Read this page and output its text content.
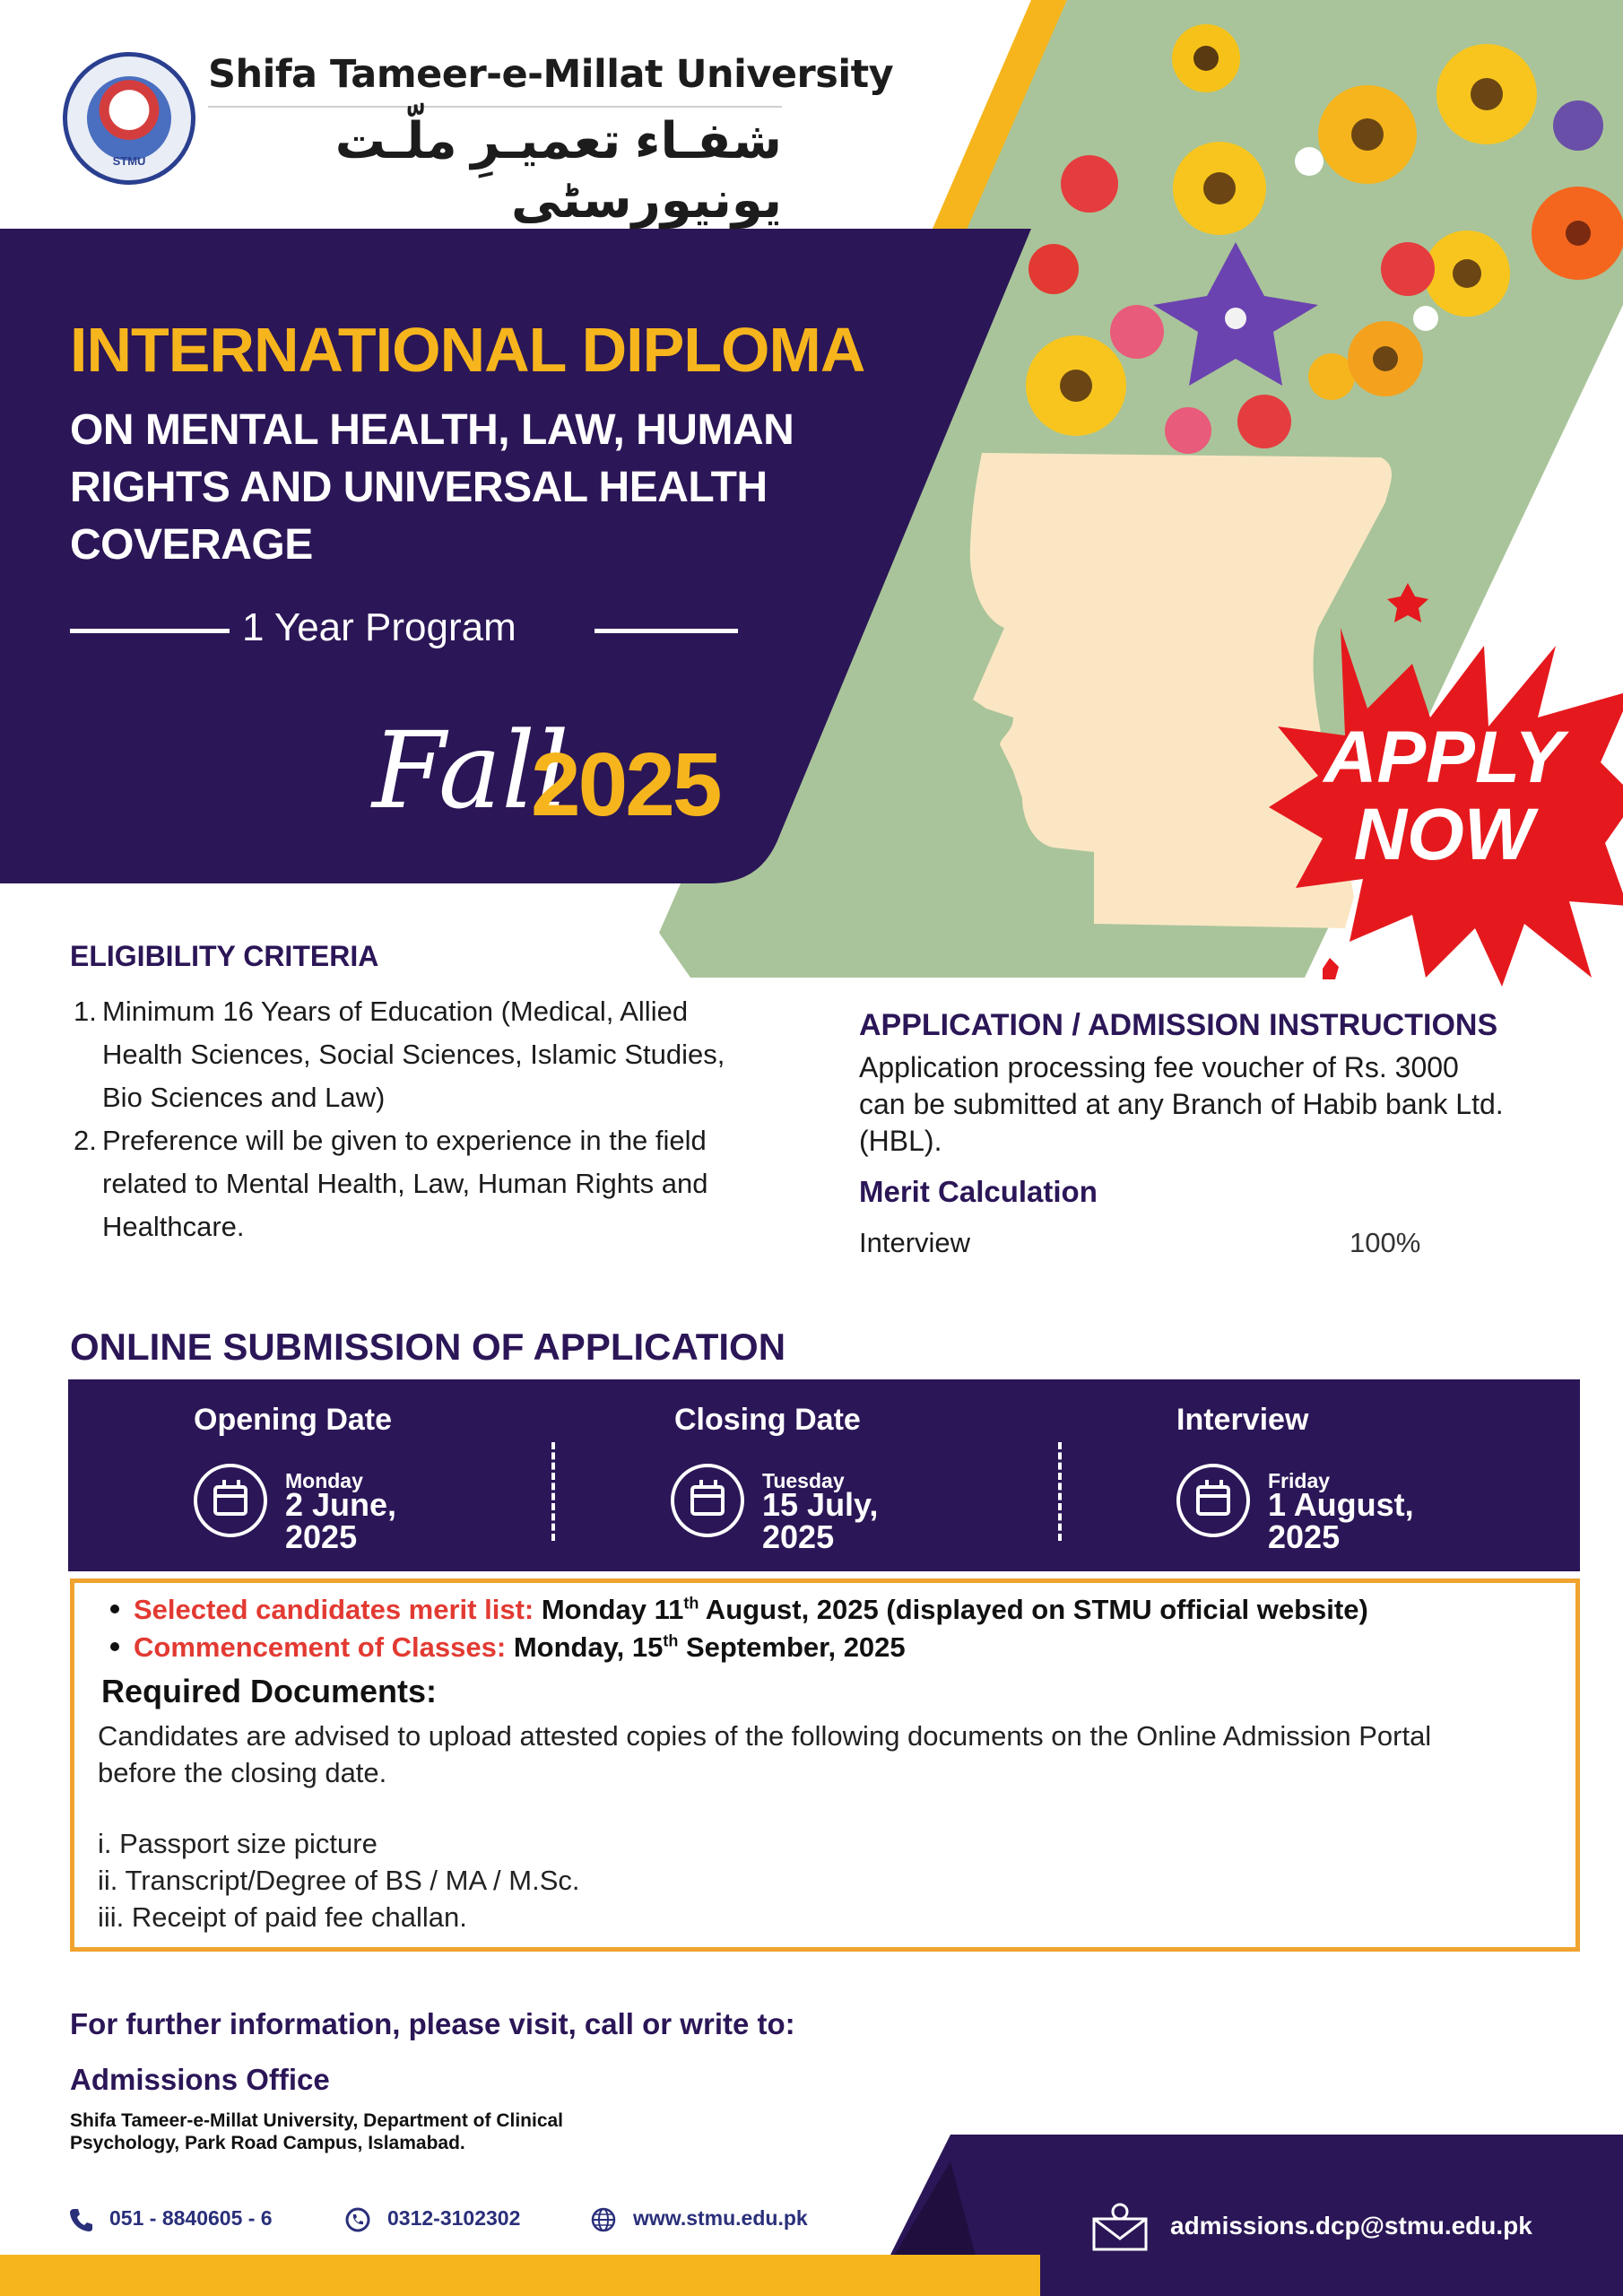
STMU
Shifa Tameer-e-Millat University
شفـاء تعمیـرِ ملّـت یونیورسٹی
INTERNATIONAL DIPLOMA
ON MENTAL HEALTH, LAW, HUMAN RIGHTS AND UNIVERSAL HEALTH COVERAGE
1 Year Program
Fall
2025	APPLY
NOW
ELIGIBILITY CRITERIA
1. Minimum 16 Years of Education (Medical, Allied Health Sciences, Social Sciences, Islamic Studies, Bio Sciences and Law)
2. Preference will be given to experience in the field related to Mental Health, Law, Human Rights and Healthcare.
APPLICATION / ADMISSION INSTRUCTIONS
Application processing fee voucher of Rs. 3000 can be submitted at any Branch of Habib bank Ltd. (HBL).
Merit Calculation
Interview	100%
ONLINE SUBMISSION OF APPLICATION
Opening Date
Monday
2 June,
2025
Closing Date
Tuesday
15 July,
2025
Interview
Friday
1 August,
2025
Selected candidates merit list: Monday 11th August, 2025 (displayed on STMU official website)
Commencement of Classes: Monday, 15th September, 2025
Required Documents:
Candidates are advised to upload attested copies of the following documents on the Online Admission Portal before the closing date.
i. Passport size picture
ii. Transcript/Degree of BS / MA / M.Sc.
iii. Receipt of paid fee challan.
For further information, please visit, call or write to:
Admissions Office
Shifa Tameer-e-Millat University, Department of Clinical Psychology, Park Road Campus, Islamabad.
051 - 8840605 - 6	0312-3102302	www.stmu.edu.pk	admissions.dcp@stmu.edu.pk
